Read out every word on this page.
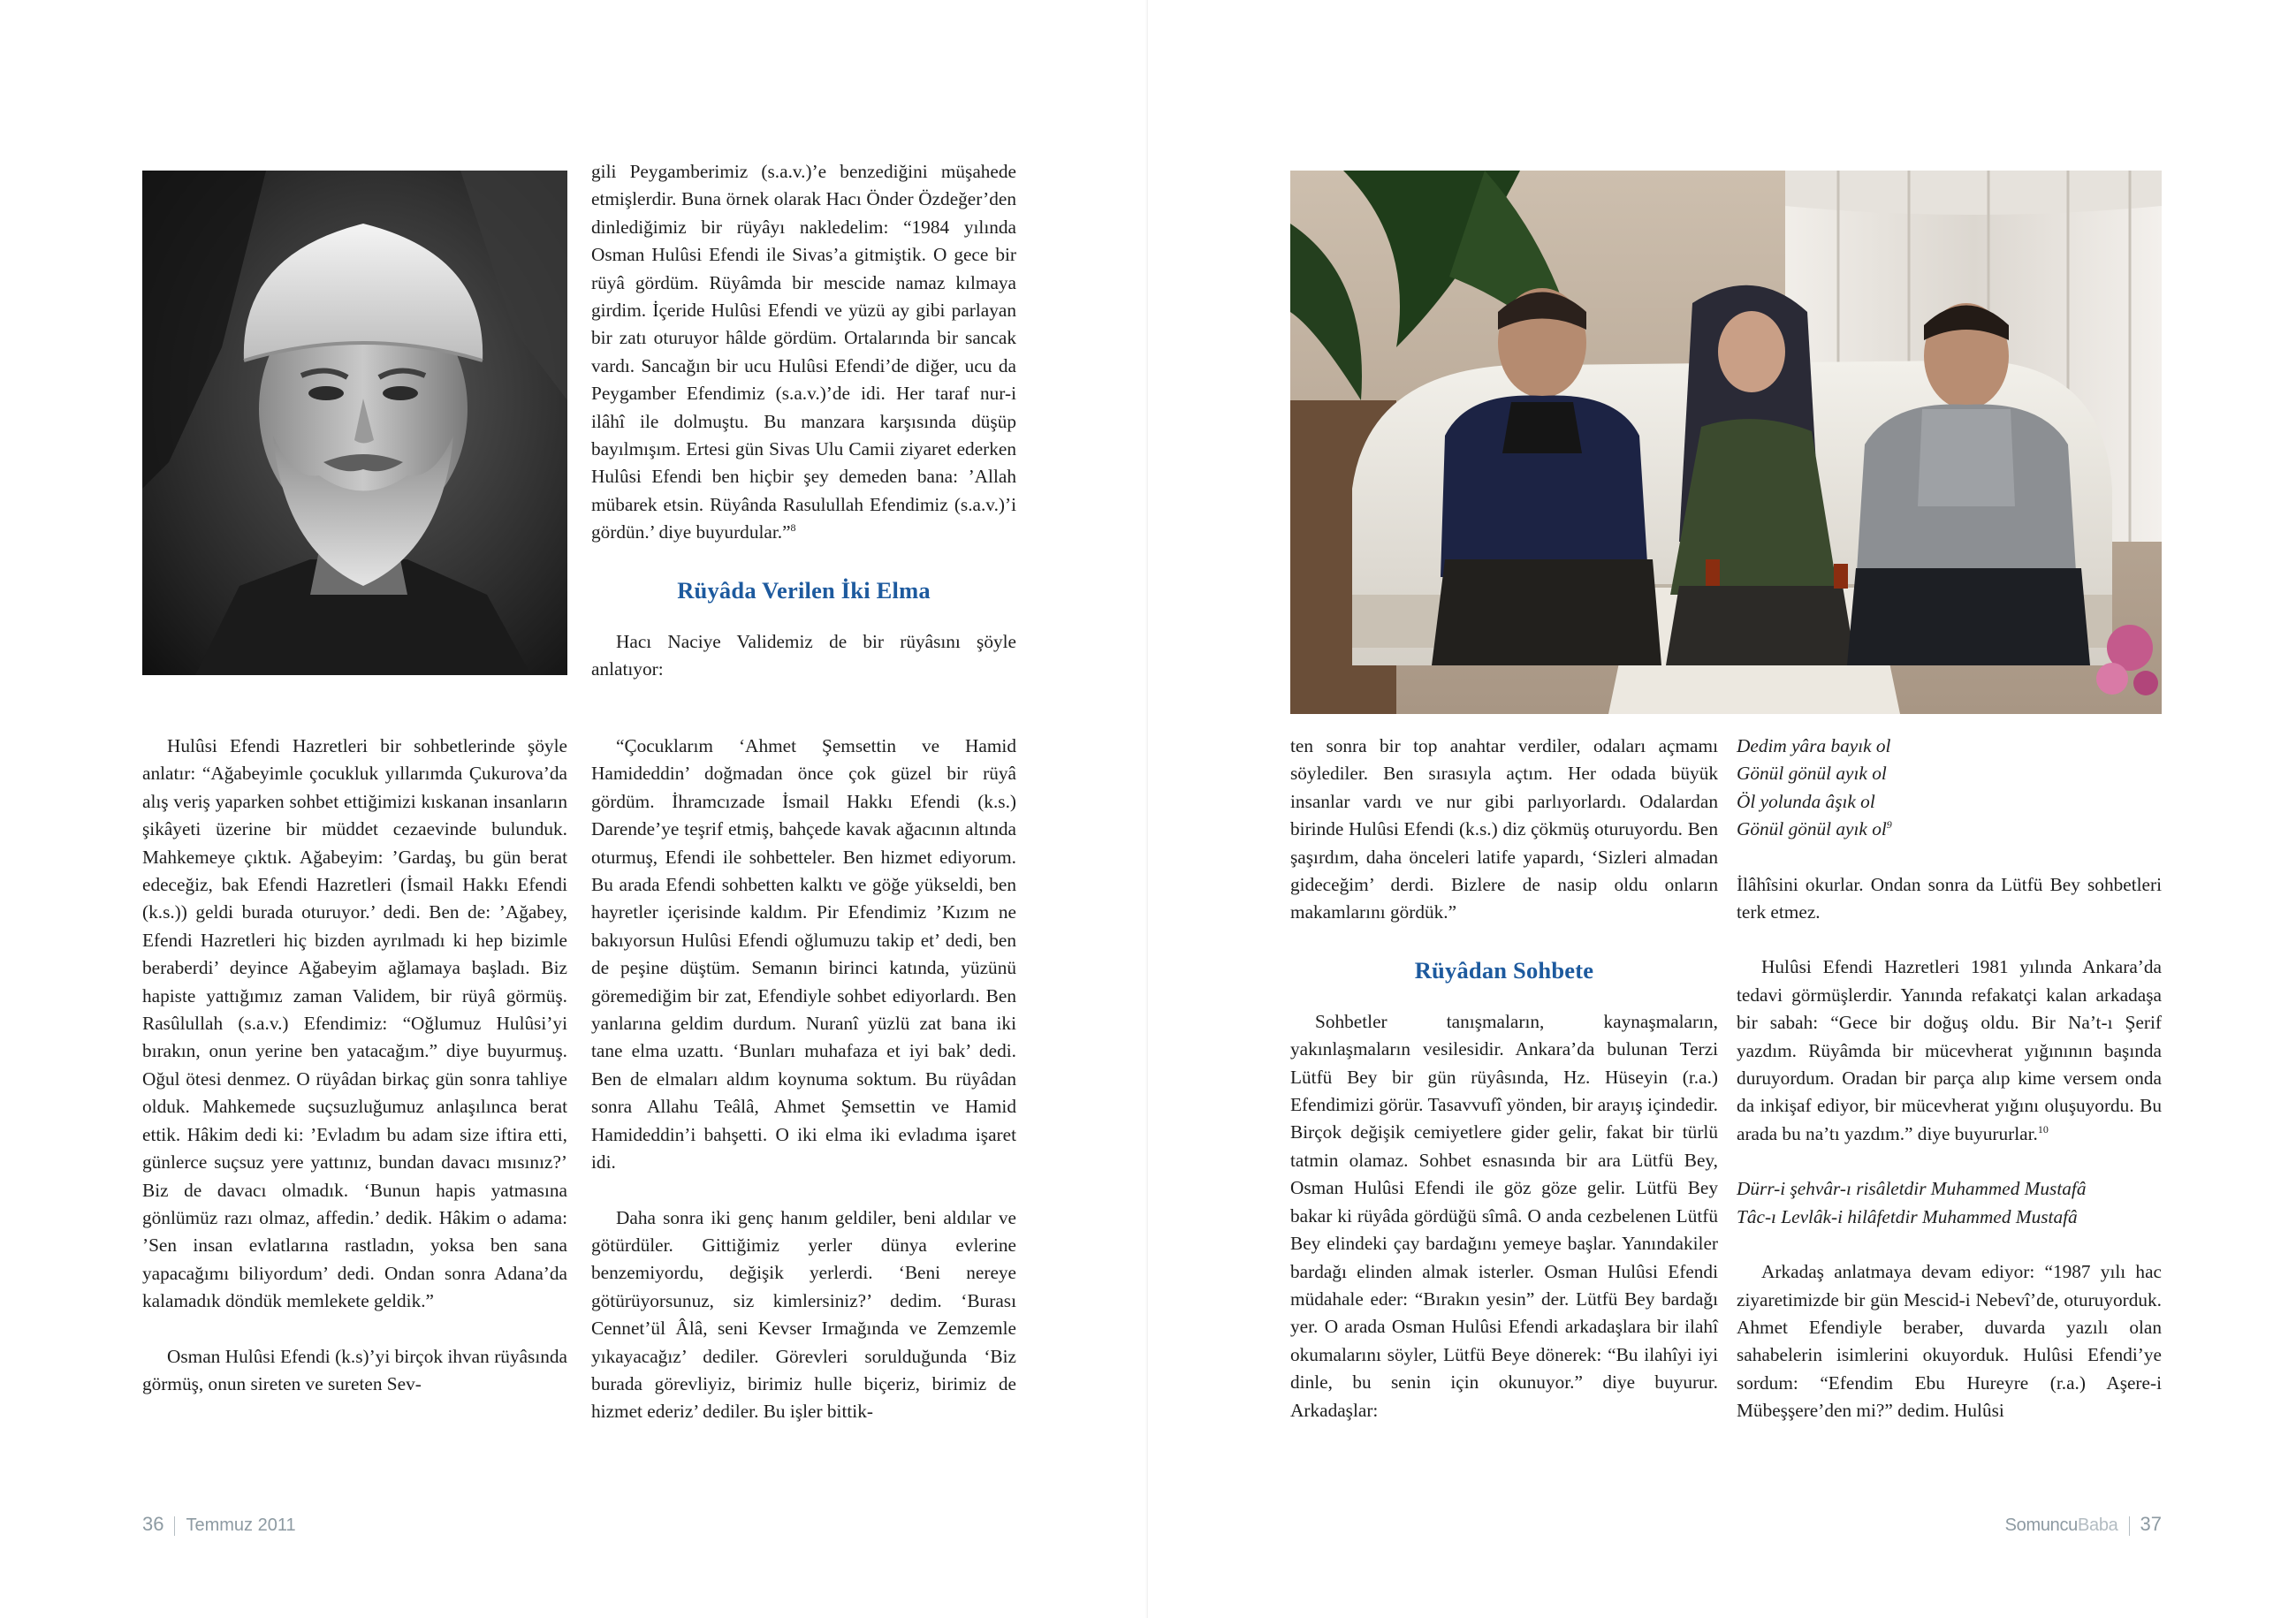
gili Peygamberimiz (s.a.v.)’e benzediğini müşahede etmişlerdir. Buna örnek olarak Hacı Önder Özdeğer’den dinlediğimiz bir rüyâyı nakledelim: “1984 yılında Osman Hulûsi Efendi ile Sivas’a gitmiştik. O gece bir rüyâ gördüm. Rüyâmda bir mescide namaz kılmaya girdim. İçeride Hulûsi Efendi ve yüzü ay gibi parlayan bir zatı oturuyor hâlde gördüm. Ortalarında bir sancak vardı. Sancağın bir ucu Hulûsi Efendi’de diğer, ucu da Peygamber Efendimiz (s.a.v.)’de idi. Her taraf nur-i ilâhî ile dolmuştu. Bu manzara karşısında düşüp bayılmışım. Ertesi gün Sivas Ulu Camii ziyaret ederken Hulûsi Efendi ben hiçbir şey demeden bana: ’Allah mübarek etsin. Rüyânda Rasulullah Efendimiz (s.a.v.)’i gördün.’ diye buyurdular.”$^8$

Rüyâda Verilen İki Elma

Hacı Naciye Validemiz de bir rüyâsını şöyle anlatıyor:

Hulûsi Efendi Hazretleri bir sohbetlerinde şöyle anlatır: “Ağabeyimle çocukluk yıllarımda Çukurova’da alış veriş yaparken sohbet ettiğimizi kıskanan insanların şikâyeti üzerine bir müddet cezaevinde bulunduk. Mahkemeye çıktık. Ağabeyim: ’Gardaş, bu gün berat edeceğiz, bak Efendi Hazretleri (İsmail Hakkı Efendi (k.s.)) geldi burada oturuyor.’ dedi. Ben de: ’Ağabey, Efendi Hazretleri hiç bizden ayrılmadı ki hep bizimle beraberdi’ deyince Ağabeyim ağlamaya başladı. Biz hapiste yattığımız zaman Validem, bir rüyâ görmüş. Rasûlullah (s.a.v.) Efendimiz: “Oğlumuz Hulûsi’yi bırakın, onun yerine ben yatacağım.” diye buyurmuş. Oğul ötesi denmez. O rüyâdan birkaç gün sonra tahliye olduk. Mahkemede suçsuzluğumuz anlaşılınca berat ettik. Hâkim dedi ki: ’Evladım bu adam size iftira etti, günlerce suçsuz yere yattınız, bundan davacı mısınız?’ Biz de davacı olmadık. ‘Bunun hapis yatmasına gönlümüz razı olmaz, affedin.’ dedik. Hâkim o adama: ’Sen insan evlatlarına rastladın, yoksa ben sana yapacağımı biliyordum’ dedi. Ondan sonra Adana’da kalamadık döndük memlekete geldik.”

Osman Hulûsi Efendi (k.s)’yi birçok ihvan rüyâsında görmüş, onun sireten ve sureten Sev-

“Çocuklarım ‘Ahmet Şemsettin ve Hamid Hamideddin’ doğmadan önce çok güzel bir rüyâ gördüm. İhramcızade İsmail Hakkı Efendi (k.s.) Darende’ye teşrif etmiş, bahçede kavak ağacının altında oturmuş, Efendi ile sohbetteler. Ben hizmet ediyorum. Bu arada Efendi sohbetten kalktı ve göğe yükseldi, ben hayretler içerisinde kaldım. Pir Efendimiz ’Kızım ne bakıyorsun Hulûsi Efendi oğlumuzu takip et’ dedi, ben de peşine düştüm. Semanın birinci katında, yüzünü göremediğim bir zat, Efendiyle sohbet ediyorlardı. Ben yanlarına geldim durdum. Nuranî yüzlü zat bana iki tane elma uzattı. ‘Bunları muhafaza et iyi bak’ dedi. Ben de elmaları aldım koynuma soktum. Bu rüyâdan sonra Allahu Teâlâ, Ahmet Şemsettin ve Hamid Hamideddin’i bahşetti. O iki elma iki evladıma işaret idi.

Daha sonra iki genç hanım geldiler, beni aldılar ve götürdüler. Gittiğimiz yerler dünya evlerine benzemiyordu, değişik yerlerdi. ‘Beni nereye götürüyorsunuz, siz kimlersiniz?’ dedim. ‘Burası Cennet’ül Âlâ, seni Kevser Irmağında ve Zemzemle yıkayacağız’ dediler. Görevleri sorulduğunda ‘Biz burada görevliyiz, birimiz hulle biçeriz, birimiz de hizmet ederiz’ dediler. Bu işler bittik-

36 Temmuz 2011

ten sonra bir top anahtar verdiler, odaları açmamı söylediler. Ben sırasıyla açtım. Her odada büyük insanlar vardı ve nur gibi parlıyorlardı. Odalardan birinde Hulûsi Efendi (k.s.) diz çökmüş oturuyordu. Ben şaşırdım, daha önceleri latife yapardı, ‘Sizleri almadan gideceğim’ derdi. Bizlere de nasip oldu onların makamlarını gördük.”

Rüyâdan Sohbete

Sohbetler tanışmaların, kaynaşmaların, yakınlaşmaların vesilesidir. Ankara’da bulunan Terzi Lütfü Bey bir gün rüyâsında, Hz. Hüseyin (r.a.) Efendimizi görür. Tasavvufî yönden, bir arayış içindedir. Birçok değişik cemiyetlere gider gelir, fakat bir türlü tatmin olamaz. Sohbet esnasında bir ara Lütfü Bey, Osman Hulûsi Efendi ile göz göze gelir. Lütfü Bey bakar ki rüyâda gördüğü sîmâ. O anda cezbelenen Lütfü Bey elindeki çay bardağını yemeye başlar. Yanındakiler bardağı elinden almak isterler. Osman Hulûsi Efendi müdahale eder: “Bırakın yesin” der. Lütfü Bey bardağı yer. O arada Osman Hulûsi Efendi arkadaşlara bir ilahî okumalarını söyler, Lütfü Beye dönerek: “Bu ilahîyi iyi dinle, bu senin için okunuyor.” diye buyurur. Arkadaşlar:

Dedim yâra bayık ol
Gönül gönül ayık ol
Öl yolunda âşık ol
Gönül gönül ayık $ol^9$

İlâhîsini okurlar. Ondan sonra da Lütfü Bey sohbetleri terk etmez.

Hulûsi Efendi Hazretleri 1981 yılında Ankara’da tedavi görmüşlerdir. Yanında refakatçi kalan arkadaşa bir sabah: “Gece bir doğuş oldu. Bir Na’t-ı Şerif yazdım. Rüyâmda bir mücevherat yığınının başında duruyordum. Oradan bir parça alıp kime versem onda da inkişaf ediyor, bir mücevherat yığını oluşuyordu. Bu arada bu na’tı yazdım.” diye buyururlar.$^{10}$

Dürr-i şehvâr-ı risâletdir Muhammed Mustafâ
Tâc-ı Levlâk-i hilâfetdir Muhammed Mustafâ

Arkadaş anlatmaya devam ediyor: “1987 yılı hac ziyaretimizde bir gün Mescid-i Nebevî’de, oturuyorduk. Ahmet Efendiyle beraber, duvarda yazılı olan sahabelerin isimlerini okuyorduk. Hulûsi Efendi’ye sordum: “Efendim Ebu Hureyre (r.a.) Aşere-i Mübeşşere’den mi?” dedim. Hulûsi

SomuncuBaba 37
